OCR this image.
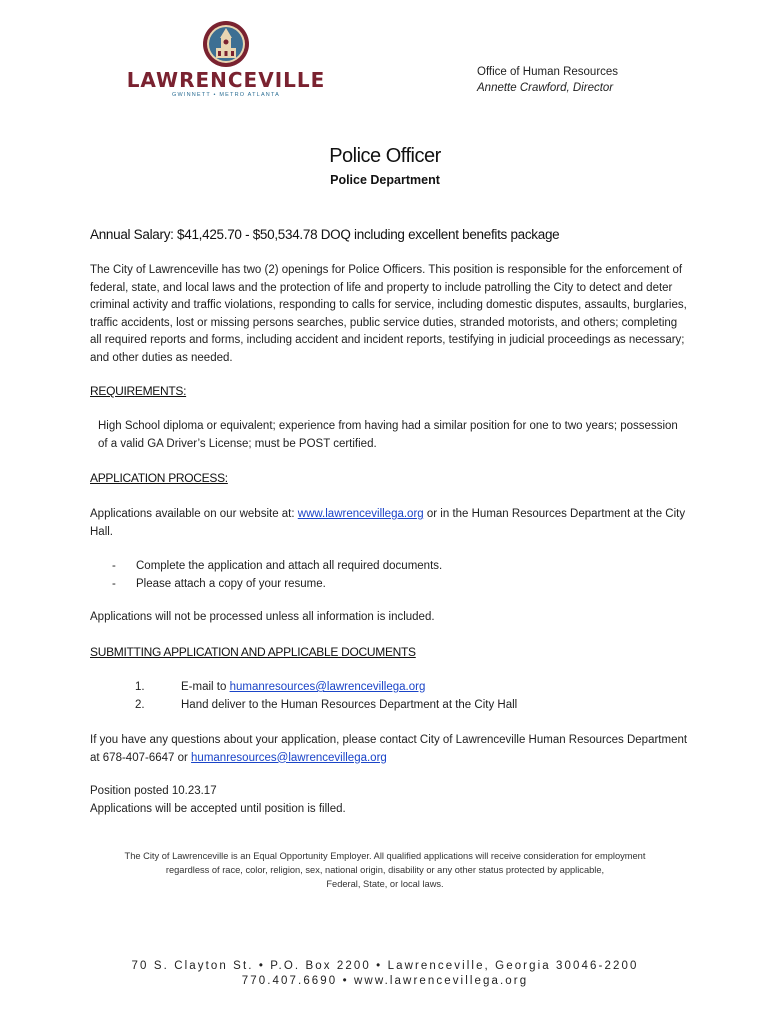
LAWRENCEVILLE
GWINNETT • METRO ATLANTA
Office of Human Resources
Annette Crawford, Director
Police Officer
Police Department
Annual Salary: $41,425.70 - $50,534.78 DOQ including excellent benefits package
The City of Lawrenceville has two (2) openings for Police Officers. This position is responsible for the enforcement of federal, state, and local laws and the protection of life and property to include patrolling the City to detect and deter criminal activity and traffic violations, responding to calls for service, including domestic disputes, assaults, burglaries, traffic accidents, lost or missing persons searches, public service duties, stranded motorists, and others; completing all required reports and forms, including accident and incident reports, testifying in judicial proceedings as necessary; and other duties as needed.
REQUIREMENTS:
High School diploma or equivalent; experience from having had a similar position for one to two years; possession of a valid GA Driver’s License; must be POST certified.
APPLICATION PROCESS:
Applications available on our website at: www.lawrencevillega.org or in the Human Resources Department at the City Hall.
- Complete the application and attach all required documents.
- Please attach a copy of your resume.
Applications will not be processed unless all information is included.
SUBMITTING APPLICATION AND APPLICABLE DOCUMENTS
1.	E-mail to humanresources@lawrencevillega.org
2.	Hand deliver to the Human Resources Department at the City Hall
If you have any questions about your application, please contact City of Lawrenceville Human Resources Department at 678-407-6647 or humanresources@lawrencevillega.org
Position posted 10.23.17
Applications will be accepted until position is filled.
The City of Lawrenceville is an Equal Opportunity Employer. All qualified applications will receive consideration for employment
regardless of race, color, religion, sex, national origin, disability or any other status protected by applicable,
Federal, State, or local laws.
70 S. Clayton St. • P.O. Box 2200 • Lawrenceville, Georgia 30046-2200
770.407.6690 • www.lawrencevillega.org
